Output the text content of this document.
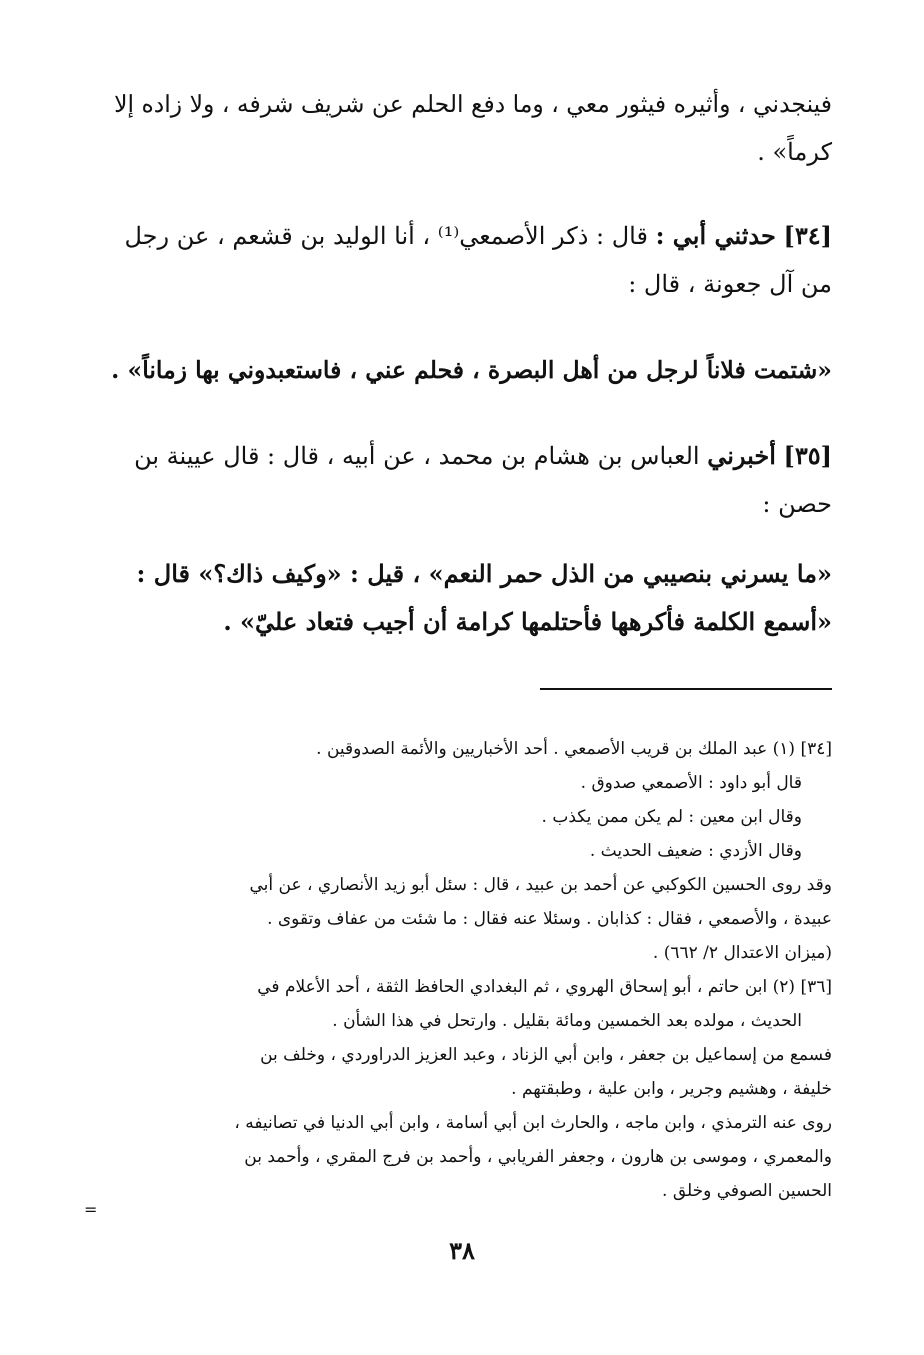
فينجدني ، وأثيره فيثور معي ، وما دفع الحلم عن شريف شرفه ، ولا زاده إلا
كرماً» .
[٣٤] حدثني أبي : قال : ذكر الأصمعي⁽¹⁾ ، أنا الوليد بن قشعم ، عن رجل
من آل جعونة ، قال :
«شتمت فلاناً لرجل من أهل البصرة ، فحلم عني ، فاستعبدوني بها زماناً» .
[٣٥] أخبرني العباس بن هشام بن محمد ، عن أبيه ، قال : قال عيينة بن
حصن :
«ما يسرني بنصيبي من الذل حمر النعم» ، قيل : «وكيف ذاك؟» قال :
«أسمع الكلمة فأكرهها فأحتلمها كرامة أن أجيب فتعاد عليّ» .
[٣٤] (١) عبد الملك بن قريب الأصمعي . أحد الأخباريين والأئمة الصدوقين .
قال أبو داود : الأصمعي صدوق .
وقال ابن معين : لم يكن ممن يكذب .
وقال الأزدي : ضعيف الحديث .
وقد روى الحسين الكوكبي عن أحمد بن عبيد ، قال : سئل أبو زيد الأنصاري ، عن أبي
عبيدة ، والأصمعي ، فقال : كذابان . وسئلا عنه فقال : ما شئت من عفاف وتقوى .
(ميزان الاعتدال ٢/ ٦٦٢) .
[٣٦] (٢) ابن حاتم ، أبو إسحاق الهروي ، ثم البغدادي الحافظ الثقة ، أحد الأعلام في
الحديث ، مولده بعد الخمسين ومائة بقليل . وارتحل في هذا الشأن .
فسمع من إسماعيل بن جعفر ، وابن أبي الزناد ، وعبد العزيز الدراوردي ، وخلف بن
خليفة ، وهشيم وجرير ، وابن علية ، وطبقتهم .
روى عنه الترمذي ، وابن ماجه ، والحارث ابن أبي أسامة ، وابن أبي الدنيا في تصانيفه ،
والمعمري ، وموسى بن هارون ، وجعفر الفريابي ، وأحمد بن فرج المقري ، وأحمد بن
الحسين الصوفي وخلق .
=
٣٨
